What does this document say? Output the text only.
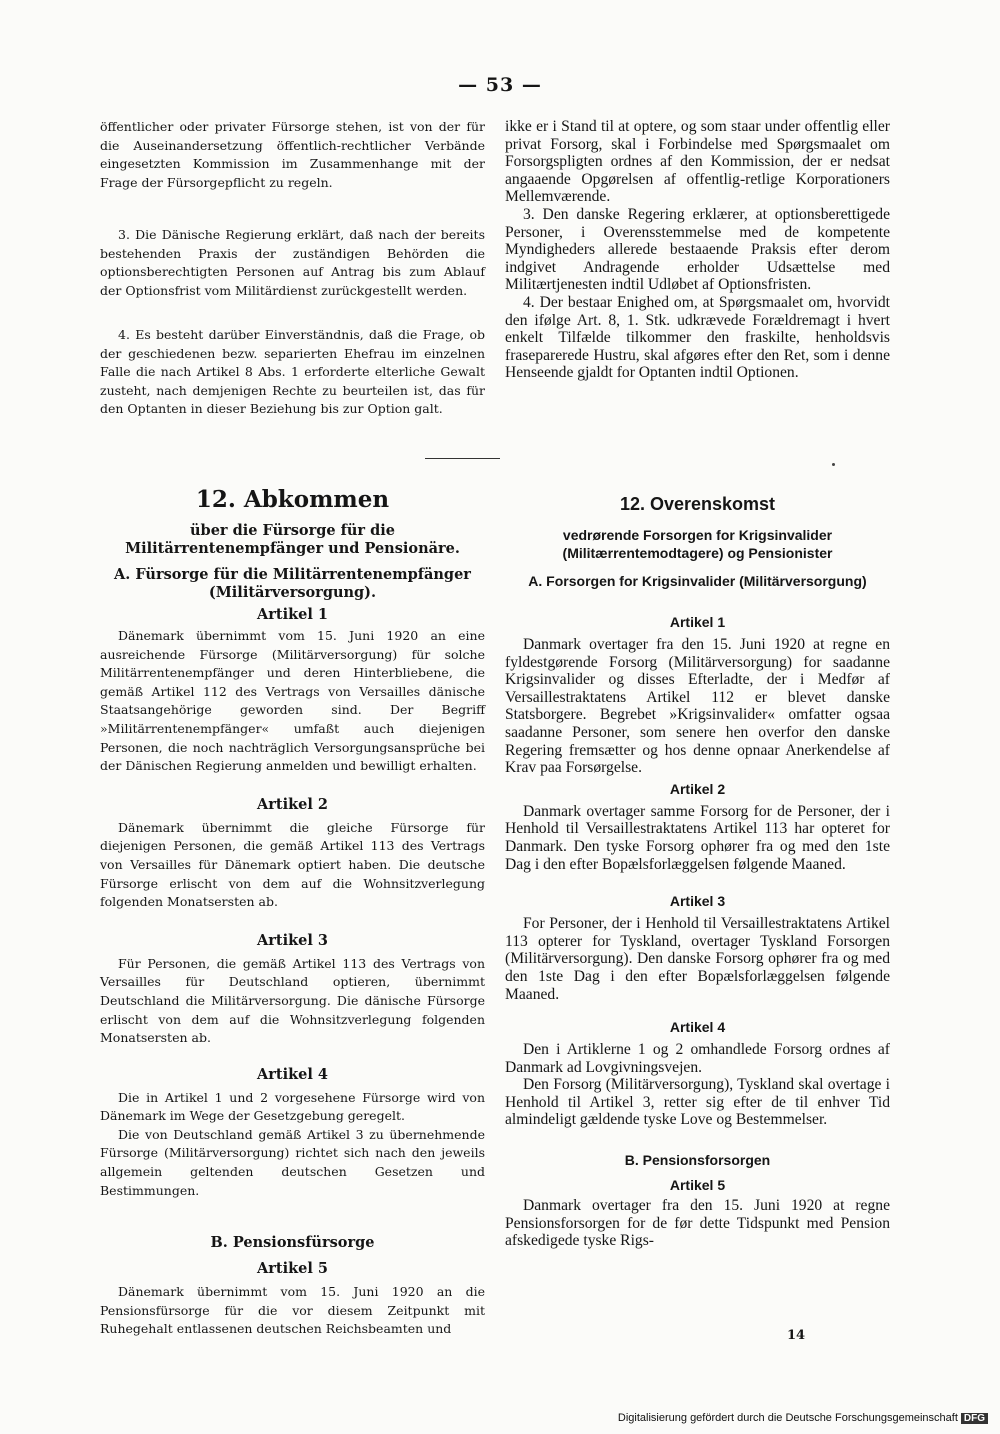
— 53 —

öffentlicher oder privater Fürsorge stehen, ist von der für die Auseinandersetzung öffentlich-rechtlicher Verbände eingesetzten Kommission im Zusammenhange mit der Frage der Fürsorgepflicht zu regeln.

3. Die Dänische Regierung erklärt, daß nach der bereits bestehenden Praxis der zuständigen Behörden die optionsberechtigten Personen auf Antrag bis zum Ablauf der Optionsfrist vom Militärdienst zurückgestellt werden.

4. Es besteht darüber Einverständnis, daß die Frage, ob der geschiedenen bezw. separierten Ehefrau im einzelnen Falle die nach Artikel 8 Abs. 1 erforderte elterliche Gewalt zusteht, nach demjenigen Rechte zu beurteilen ist, das für den Optanten in dieser Beziehung bis zur Option galt.

ikke er i Stand til at optere, og som staar under offentlig eller privat Forsorg, skal i Forbindelse med Spørgsmaalet om Forsorgspligten ordnes af den Kommission, der er nedsat angaaende Opgørelsen af offentlig-retlige Korporationers Mellemværende.

3. Den danske Regering erklærer, at optionsberettigede Personer, i Overensstemmelse med de kompetente Myndigheders allerede bestaaende Praksis efter derom indgivet Andragende erholder Udsættelse med Militærtjenesten indtil Udløbet af Optionsfristen.

4. Der bestaar Enighed om, at Spørgsmaalet om, hvorvidt den ifølge Art. 8, 1. Stk. udkrævede Forældremagt i hvert enkelt Tilfælde tilkommer den fraskilte, henholdsvis fraseparerede Hustru, skal afgøres efter den Ret, som i denne Henseende gjaldt for Optanten indtil Optionen.

12. Abkommen
über die Fürsorge für die Militärrentenempfänger und Pensionäre.
A. Fürsorge für die Militärrentenempfänger (Militärversorgung).
Artikel 1

Dänemark übernimmt vom 15. Juni 1920 an eine ausreichende Fürsorge (Militärversorgung) für solche Militärrentenempfänger und deren Hinterbliebene, die gemäß Artikel 112 des Vertrags von Versailles dänische Staatsangehörige geworden sind. Der Begriff »Militärrentenempfänger« umfaßt auch diejenigen Personen, die noch nachträglich Versorgungsansprüche bei der Dänischen Regierung anmelden und bewilligt erhalten.

Artikel 2

Dänemark übernimmt die gleiche Fürsorge für diejenigen Personen, die gemäß Artikel 113 des Vertrags von Versailles für Dänemark optiert haben. Die deutsche Fürsorge erlischt von dem auf die Wohnsitzverlegung folgenden Monatsersten ab.

Artikel 3

Für Personen, die gemäß Artikel 113 des Vertrags von Versailles für Deutschland optieren, übernimmt Deutschland die Militärversorgung. Die dänische Fürsorge erlischt von dem auf die Wohnsitzverlegung folgenden Monatsersten ab.

Artikel 4

Die in Artikel 1 und 2 vorgesehene Fürsorge wird von Dänemark im Wege der Gesetzgebung geregelt.

Die von Deutschland gemäß Artikel 3 zu übernehmende Fürsorge (Militärversorgung) richtet sich nach den jeweils allgemein geltenden deutschen Gesetzen und Bestimmungen.

B. Pensionsfürsorge
Artikel 5

Dänemark übernimmt vom 15. Juni 1920 an die Pensionsfürsorge für die vor diesem Zeitpunkt mit Ruhegehalt entlassenen deutschen Reichsbeamten und

12. Overenskomst
vedrørende Forsorgen for Krigsinvalider (Militærrentemodtagere) og Pensionister
A. Forsorgen for Krigsinvalider (Militärversorgung)
Artikel 1

Danmark overtager fra den 15. Juni 1920 at regne en fyldestgørende Forsorg (Militärversorgung) for saadanne Krigsinvalider og disses Efterladte, der i Medfør af Versaillestraktatens Artikel 112 er blevet danske Statsborgere. Begrebet »Krigsinvalider« omfatter ogsaa saadanne Personer, som senere hen overfor den danske Regering fremsætter og hos denne opnaar Anerkendelse af Krav paa Forsørgelse.

Artikel 2

Danmark overtager samme Forsorg for de Personer, der i Henhold til Versaillestraktatens Artikel 113 har opteret for Danmark. Den tyske Forsorg ophører fra og med den 1ste Dag i den efter Bopælsforlæggelsen følgende Maaned.

Artikel 3

For Personer, der i Henhold til Versaillestraktatens Artikel 113 opterer for Tyskland, overtager Tyskland Forsorgen (Militärversorgung). Den danske Forsorg ophører fra og med den 1ste Dag i den efter Bopælsforlæggelsen følgende Maaned.

Artikel 4

Den i Artiklerne 1 og 2 omhandlede Forsorg ordnes af Danmark ad Lovgivningsvejen.

Den Forsorg (Militärversorgung), Tyskland skal overtage i Henhold til Artikel 3, retter sig efter de til enhver Tid almindeligt gældende tyske Love og Bestemmelser.

B. Pensionsforsorgen
Artikel 5

Danmark overtager fra den 15. Juni 1920 at regne Pensionsforsorgen for de før dette Tidspunkt med Pension afskedigede tyske Rigs-

14
Digitalisierung gefördert durch die Deutsche Forschungsgemeinschaft DFG
